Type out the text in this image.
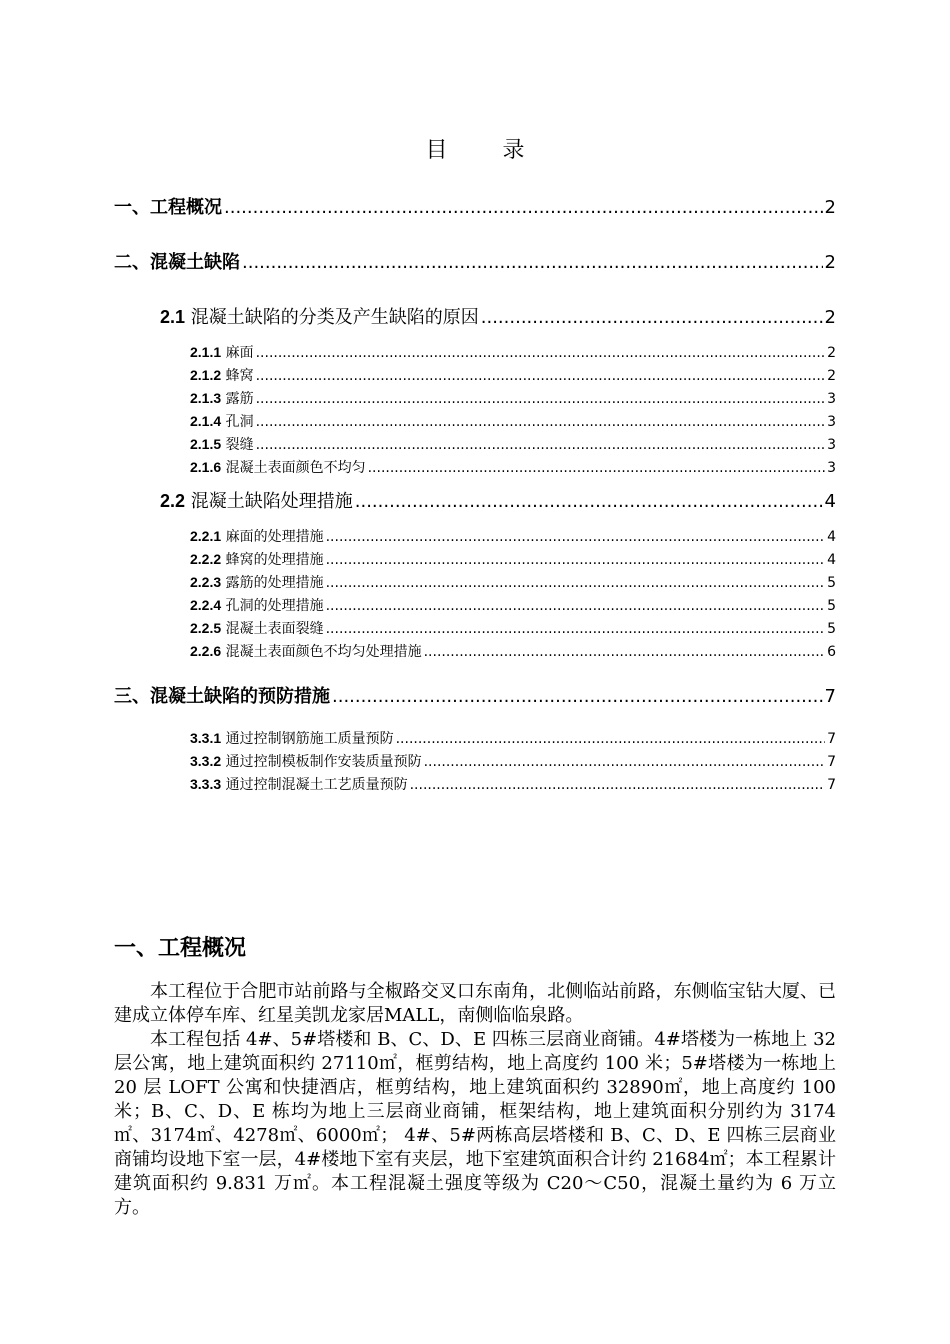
目 录
一、工程概况 .....	2
二、混凝土缺陷 .....	2
2.1 混凝土缺陷的分类及产生缺陷的原因 .....	2
2.1.1 麻面 .....	2
2.1.2 蜂窝 .....	2
2.1.3 露筋 .....	3
2.1.4 孔洞 .....	3
2.1.5 裂缝 .....	3
2.1.6 混凝土表面颜色不均匀 .....	3
2.2 混凝土缺陷处理措施 .....	4
2.2.1 麻面的处理措施 .....	4
2.2.2 蜂窝的处理措施 .....	4
2.2.3 露筋的处理措施 .....	5
2.2.4 孔洞的处理措施 .....	5
2.2.5 混凝土表面裂缝 .....	5
2.2.6 混凝土表面颜色不均匀处理措施 .....	6
三、混凝土缺陷的预防措施 .....	7
3.3.1 通过控制钢筋施工质量预防 .....	7
3.3.2 通过控制模板制作安装质量预防 .....	7
3.3.3 通过控制混凝土工艺质量预防 .....	7
一、工程概况

本工程位于合肥市站前路与全椒路交叉口东南角，北侧临站前路，东侧临宝钻大厦、已建成立体停车库、红星美凯龙家居MALL，南侧临临泉路。

本工程包括 4#、5#塔楼和 B、C、D、E 四栋三层商业商铺。4#塔楼为一栋地上 32 层公寓，地上建筑面积约 27110㎡，框剪结构，地上高度约 100 米；5#塔楼为一栋地上 20 层 LOFT 公寓和快捷酒店，框剪结构，地上建筑面积约 32890㎡，地上高度约 100 米；B、C、D、E 栋均为地上三层商业商铺，框架结构，地上建筑面积分别约为 3174㎡、3174㎡、4278㎡、6000㎡； 4#、5#两栋高层塔楼和 B、C、D、E 四栋三层商业商铺均设地下室一层，4#楼地下室有夹层，地下室建筑面积合计约 21684㎡；本工程累计建筑面积约 9.831 万㎡。本工程混凝土强度等级为 C20～C50，混凝土量约为 6 万立方。
